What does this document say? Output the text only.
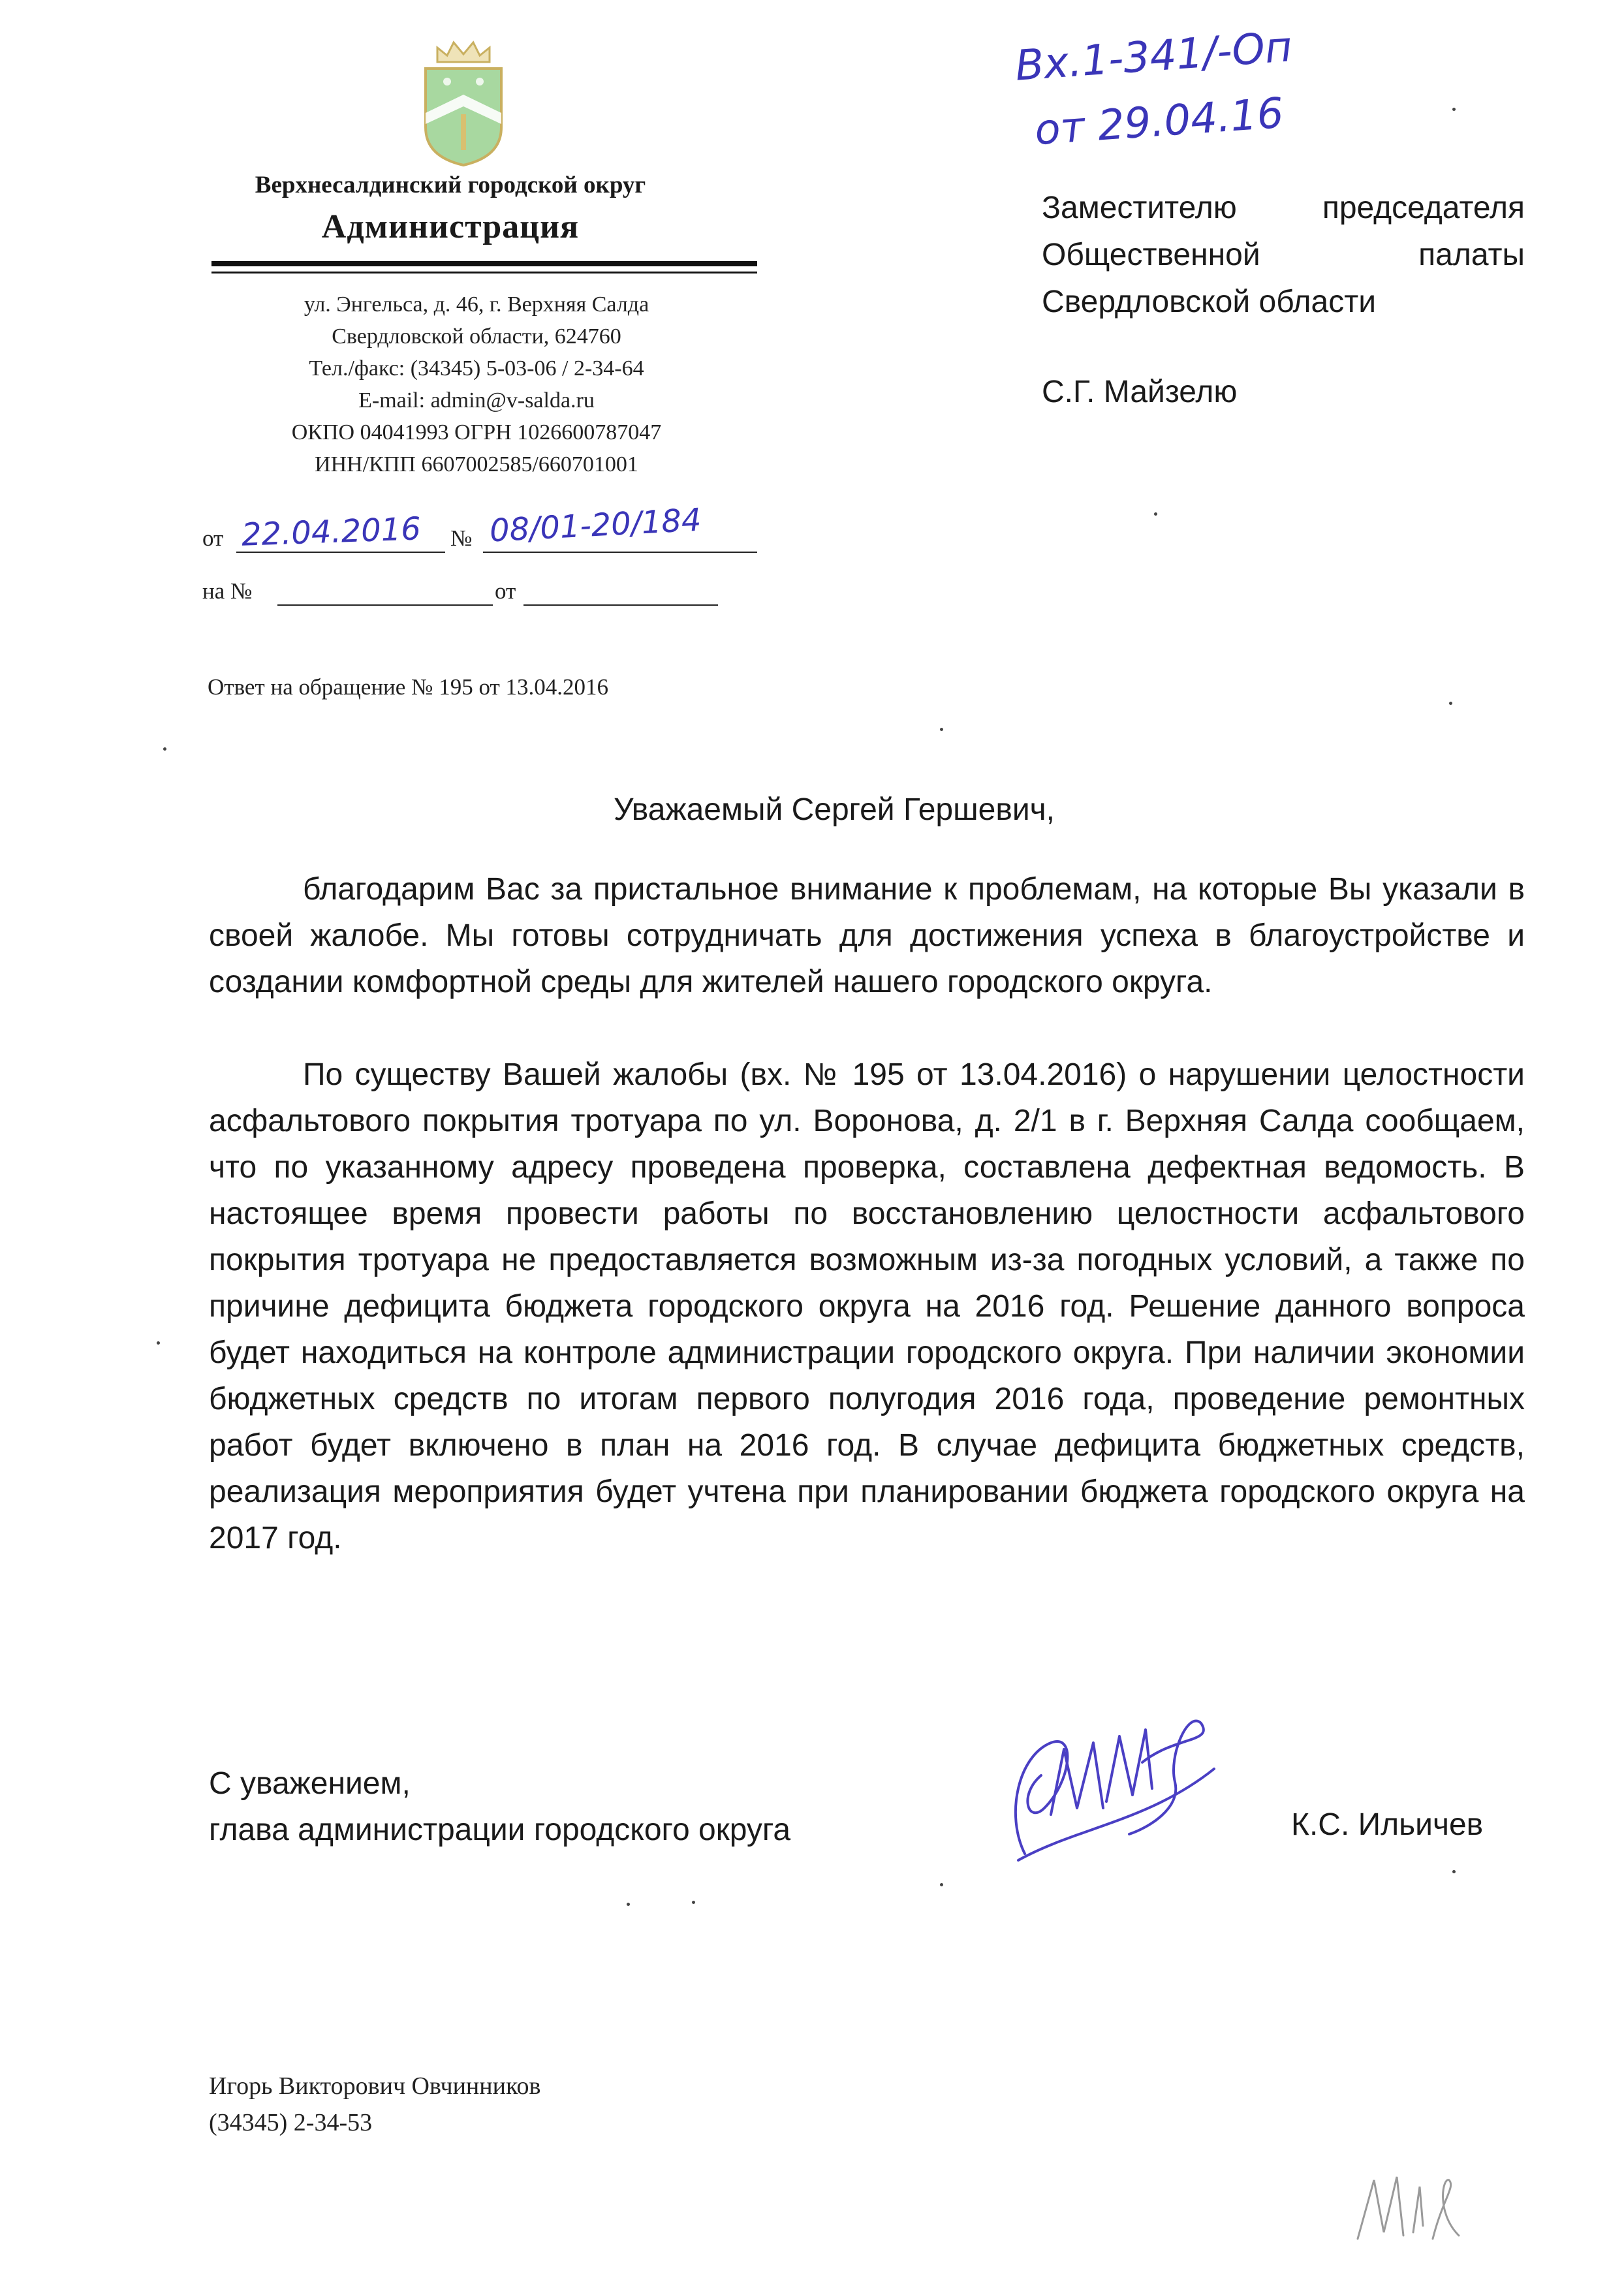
Вх.1-341/-Оп
от 29.04.16
Верхнесалдинский городской округ
Администрация
ул. Энгельса, д. 46, г. Верхняя Салда
Свердловской области, 624760
Тел./факс: (34345) 5-03-06 / 2-34-64
E-mail: admin@v-salda.ru
ОКПО 04041993 ОГРН 1026600787047
ИНН/КПП 6607002585/660701001
от 22.04.2016 № 08/01-20/184
на №	от
Ответ на обращение № 195 от 13.04.2016
Заместителю председателя
Общественной палаты
Свердловской области
С.Г. Майзелю
Уважаемый Сергей Гершевич,
благодарим Вас за пристальное внимание к проблемам, на которые Вы указали в своей жалобе. Мы готовы сотрудничать для достижения успеха в благоустройстве и создании комфортной среды для жителей нашего городского округа.
По существу Вашей жалобы (вх. № 195 от 13.04.2016) о нарушении целостности асфальтового покрытия тротуара по ул. Воронова, д. 2/1 в г. Верхняя Салда сообщаем, что по указанному адресу проведена проверка, составлена дефектная ведомость. В настоящее время провести работы по восстановлению целостности асфальтового покрытия тротуара не предоставляется возможным из-за погодных условий, а также по причине дефицита бюджета городского округа на 2016 год. Решение данного вопроса будет находиться на контроле администрации городского округа. При наличии экономии бюджетных средств по итогам первого полугодия 2016 года, проведение ремонтных работ будет включено в план на 2016 год. В случае дефицита бюджетных средств, реализация мероприятия будет учтена при планировании бюджета городского округа на 2017 год.
С уважением,
глава администрации городского округа	К.С. Ильичев
Игорь Викторович Овчинников
(34345) 2-34-53
